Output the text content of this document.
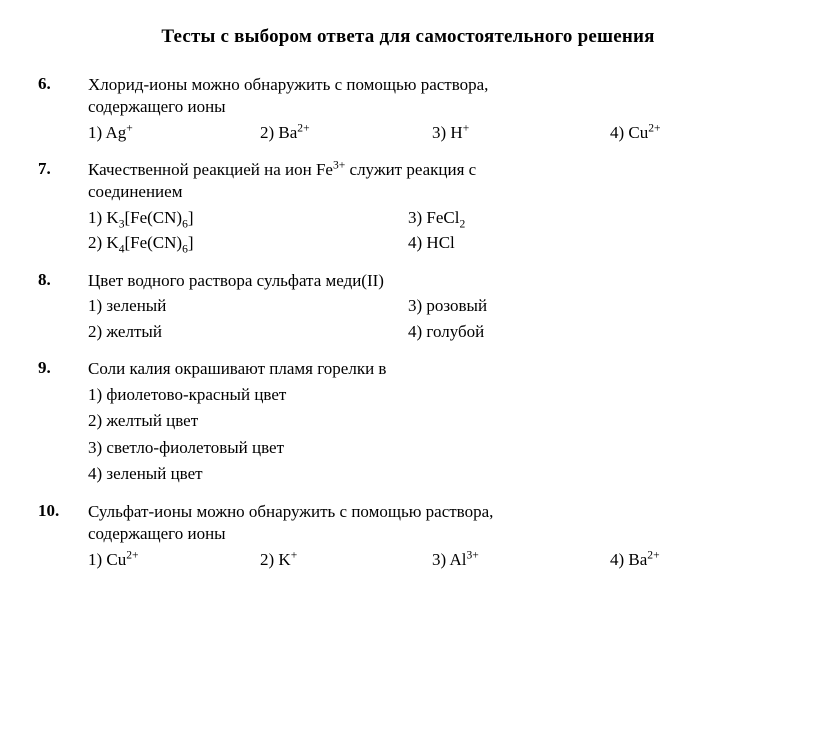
Тесты с выбором ответа для самостоятельного решения
6.	Хлорид-ионы можно обнаружить с помощью раствора,
содержащего ионы
1) Ag+	2) $Ba^{2+}$	3) H+	4) $Cu^{2+}$
7.	Качественной реакцией на ион $Fe^{3+}$ служит реакция с
соединением
1) $K_3[Fe(CN)_6]$	3) FeCl$_2$
2) $K_4[Fe(CN)_6]$	4) HCl
8.	Цвет водного раствора сульфата меди(II)
1) зеленый	3) розовый
2) желтый	4) голубой
9.	Соли калия окрашивают пламя горелки в
1) фиолетово-красный цвет
2) желтый цвет
3) светло-фиолетовый цвет
4) зеленый цвет
10.	Сульфат-ионы можно обнаружить с помощью раствора,
содержащего ионы
1) $Cu^{2+}$	2) K+	3) $Al^{3+}$	4) $Ba^{2+}$
